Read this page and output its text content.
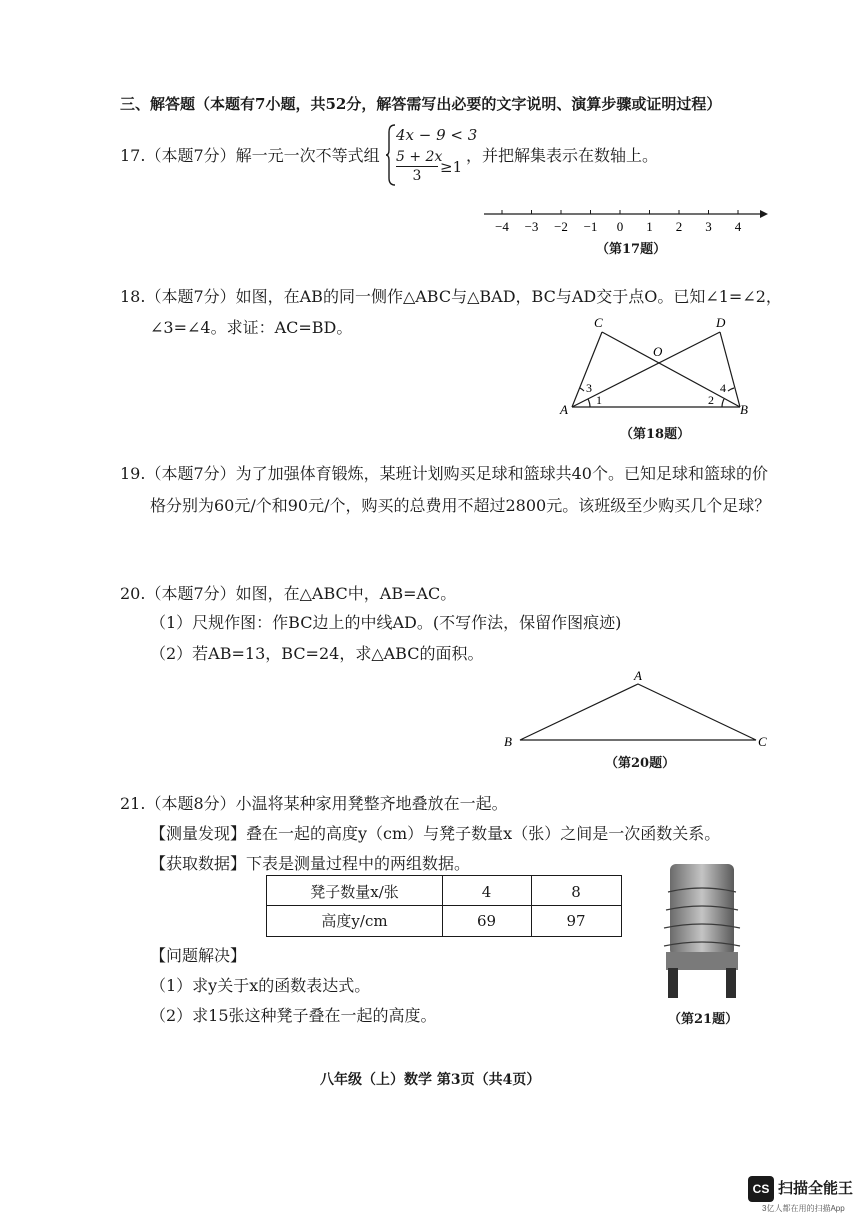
三、解答题（本题有7小题，共52分，解答需写出必要的文字说明、演算步骤或证明过程）
17.（本题7分）解一元一次不等式组
4x − 9 < 3
5 + 2x
3	≥1
，并把解集表示在数轴上。
−4 −3 −2 −1 0 1 2 3 4
（第17题）
18.（本题7分）如图，在AB的同一侧作△ABC与△BAD，BC与AD交于点O。已知∠1=∠2，
∠3=∠4。求证：AC=BD。	C	D
O
A	B
1	2
3	4
（第18题）
19.（本题7分）为了加强体育锻炼，某班计划购买足球和篮球共40个。已知足球和篮球的价
格分别为60元/个和90元/个，购买的总费用不超过2800元。该班级至少购买几个足球？
20.（本题7分）如图，在△ABC中，AB=AC。
（1）尺规作图：作BC边上的中线AD。(不写作法，保留作图痕迹)
（2）若AB=13，BC=24，求△ABC的面积。
A
B	C
（第20题）
21.（本题8分）小温将某种家用凳整齐地叠放在一起。
【测量发现】叠在一起的高度y（cm）与凳子数量x（张）之间是一次函数关系。
【获取数据】下表是测量过程中的两组数据。
凳子数量x/张	4	8
高度y/cm	69	97
【问题解决】
（1）求y关于x的函数表达式。
（2）求15张这种凳子叠在一起的高度。	（第21题）
八年级（上）数学 第3页（共4页）
CS 扫描全能王
3亿人都在用的扫描App
